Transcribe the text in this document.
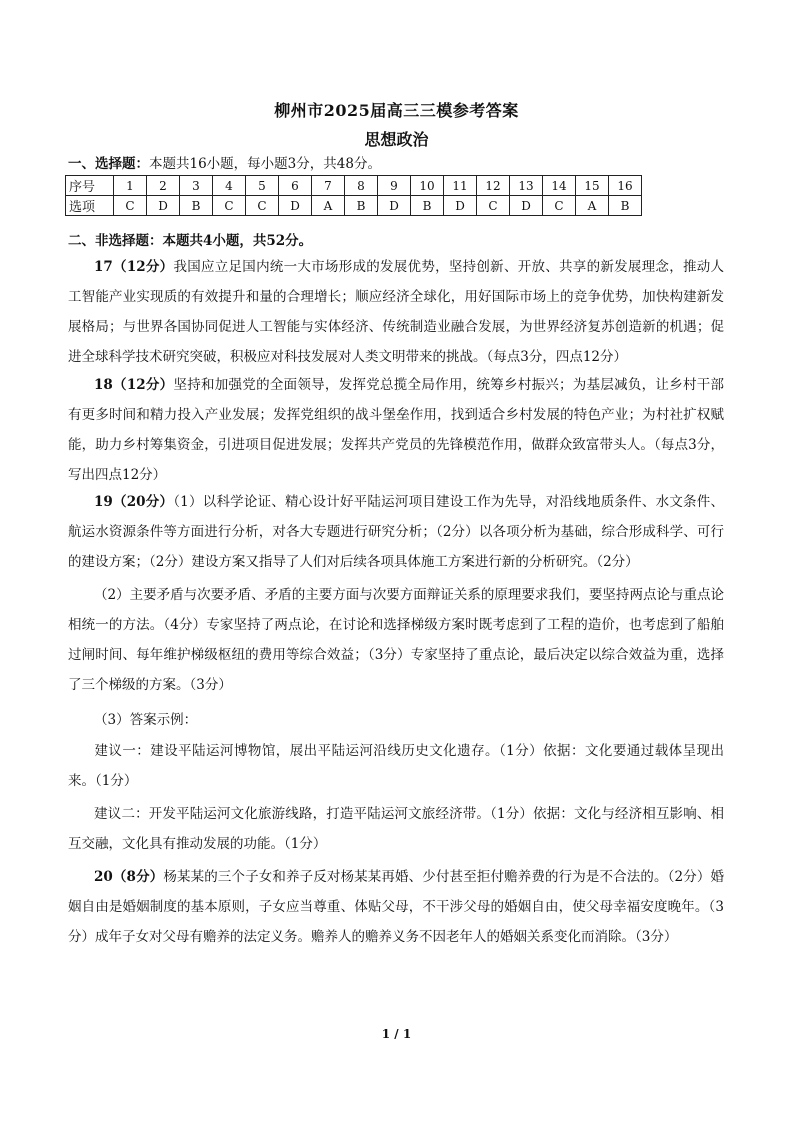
柳州市2025届高三三模参考答案
思想政治
一、选择题：本题共16小题，每小题3分，共48分。
序号	1	2	3	4	5	6	7	8	9	10	11	12	13	14	15	16
选项	C	D	B	C	C	D	A	B	D	B	D	C	D	C	A	B
二、非选择题：本题共4小题，共52分。
17（12分）我国应立足国内统一大市场形成的发展优势，坚持创新、开放、共享的新发展理念，推动人工智能产业实现质的有效提升和量的合理增长；顺应经济全球化，用好国际市场上的竞争优势，加快构建新发展格局；与世界各国协同促进人工智能与实体经济、传统制造业融合发展，为世界经济复苏创造新的机遇；促进全球科学技术研究突破，积极应对科技发展对人类文明带来的挑战。（每点3分，四点12分）
18（12分）坚持和加强党的全面领导，发挥党总揽全局作用，统筹乡村振兴；为基层减负，让乡村干部有更多时间和精力投入产业发展；发挥党组织的战斗堡垒作用，找到适合乡村发展的特色产业；为村社扩权赋能，助力乡村筹集资金，引进项目促进发展；发挥共产党员的先锋模范作用，做群众致富带头人。（每点3分，写出四点12分）
19（20分）（1）以科学论证、精心设计好平陆运河项目建设工作为先导，对沿线地质条件、水文条件、航运水资源条件等方面进行分析，对各大专题进行研究分析；（2分）以各项分析为基础，综合形成科学、可行的建设方案；（2分）建设方案又指导了人们对后续各项具体施工方案进行新的分析研究。（2分）
（2）主要矛盾与次要矛盾、矛盾的主要方面与次要方面辩证关系的原理要求我们，要坚持两点论与重点论相统一的方法。（4分）专家坚持了两点论，在讨论和选择梯级方案时既考虑到了工程的造价，也考虑到了船舶过闸时间、每年维护梯级枢纽的费用等综合效益；（3分）专家坚持了重点论，最后决定以综合效益为重，选择了三个梯级的方案。（3分）
（3）答案示例：
建议一：建设平陆运河博物馆，展出平陆运河沿线历史文化遗存。（1分）依据：文化要通过载体呈现出来。（1分）
建议二：开发平陆运河文化旅游线路，打造平陆运河文旅经济带。（1分）依据：文化与经济相互影响、相互交融，文化具有推动发展的功能。（1分）
20（8分）杨某某的三个子女和养子反对杨某某再婚、少付甚至拒付赡养费的行为是不合法的。（2分）婚姻自由是婚姻制度的基本原则，子女应当尊重、体贴父母，不干涉父母的婚姻自由，使父母幸福安度晚年。（3分）成年子女对父母有赡养的法定义务。赡养人的赡养义务不因老年人的婚姻关系变化而消除。（3分）

1 / 1
